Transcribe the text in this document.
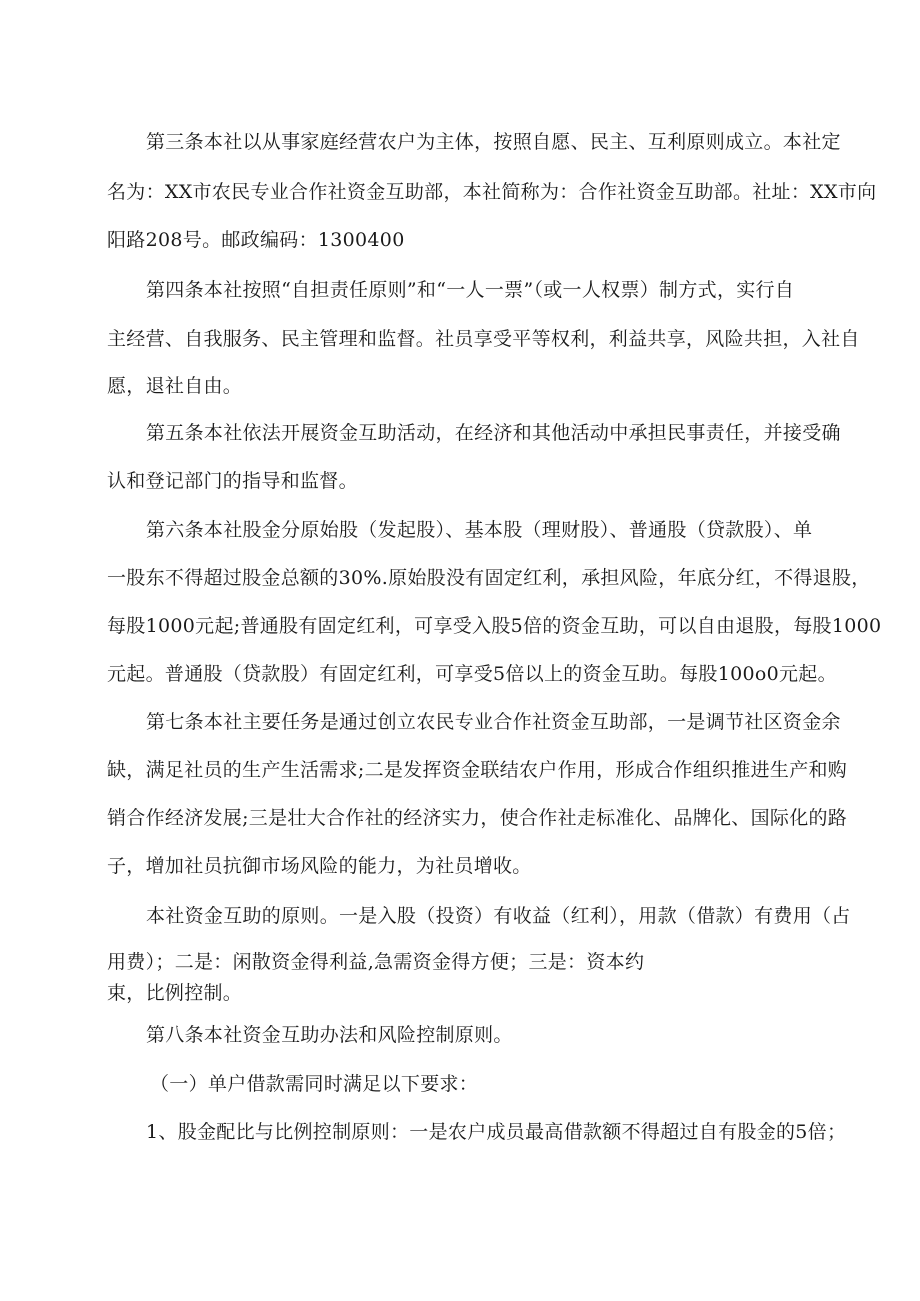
第三条本社以从事家庭经营农户为主体，按照自愿、民主、互利原则成立。本社定
名为：XX市农民专业合作社资金互助部，本社简称为：合作社资金互助部。社址：XX市向
阳路208号。邮政编码：1300400
第四条本社按照“自担责任原则”和“一人一票”（或一人权票）制方式，实行自
主经营、自我服务、民主管理和监督。社员享受平等权利，利益共享，风险共担，入社自
愿，退社自由。
第五条本社依法开展资金互助活动，在经济和其他活动中承担民事责任，并接受确
认和登记部门的指导和监督。
第六条本社股金分原始股（发起股）、基本股（理财股）、普通股（贷款股）、单
一股东不得超过股金总额的30%.原始股没有固定红利，承担风险，年底分红，不得退股，
每股1000元起;普通股有固定红利，可享受入股5倍的资金互助，可以自由退股，每股1000
元起。普通股（贷款股）有固定红利，可享受5倍以上的资金互助。每股100o0元起。
第七条本社主要任务是通过创立农民专业合作社资金互助部，一是调节社区资金余
缺，满足社员的生产生活需求;二是发挥资金联结农户作用，形成合作组织推进生产和购
销合作经济发展;三是壮大合作社的经济实力，使合作社走标准化、品牌化、国际化的路
子，增加社员抗御市场风险的能力，为社员增收。
本社资金互助的原则。一是入股（投资）有收益（红利），用款（借款）有费用（占
用费）；二是：闲散资金得利益,急需资金得方便；三是：资本约
束，比例控制。
第八条本社资金互助办法和风险控制原则。
（一）单户借款需同时满足以下要求：
1、股金配比与比例控制原则：一是农户成员最高借款额不得超过自有股金的5倍；
